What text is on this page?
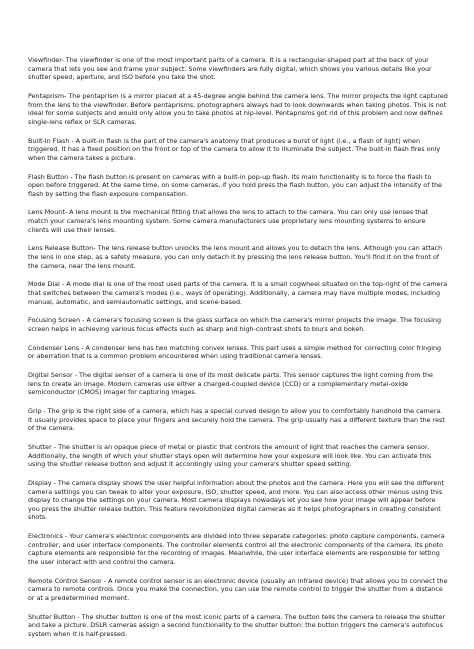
Viewfinder- The viewfinder is one of the most important parts of a camera. It is a rectangular-shaped part at the back of your camera that lets you see and frame your subject. Some viewfinders are fully digital, which shows you various details like your shutter speed, aperture, and ISO before you take the shot.

Pentaprism- The pentaprism is a mirror placed at a 45-degree angle behind the camera lens. The mirror projects the light captured from the lens to the viewfinder. Before pentaprisms, photographers always had to look downwards when taking photos. This is not ideal for some subjects and would only allow you to take photos at hip-level. Pentaprisms got rid of this problem and now defines single-lens reflex or SLR cameras.

Built-in Flash - A built-in flash is the part of the camera's anatomy that produces a burst of light (i.e., a flash of light) when triggered. It has a fixed position on the front or top of the camera to allow it to illuminate the subject. The built-in flash fires only when the camera takes a picture.

Flash Button - The flash button is present on cameras with a built-in pop-up flash. Its main functionality is to force the flash to open before triggered. At the same time, on some cameras, if you hold press the flash button, you can adjust the intensity of the flash by setting the flash exposure compensation.

Lens Mount- A lens mount is the mechanical fitting that allows the lens to attach to the camera. You can only use lenses that match your camera's lens mounting system. Some camera manufacturers use proprietary lens mounting systems to ensure clients will use their lenses.

Lens Release Button- The lens release button unlocks the lens mount and allows you to detach the lens. Although you can attach the lens in one step, as a safety measure, you can only detach it by pressing the lens release button. You'll find it on the front of the camera, near the lens mount.

Mode Dial - A mode dial is one of the most used parts of the camera. It is a small cogwheel situated on the top-right of the camera that switches between the camera's modes (i.e., ways of operating). Additionally, a camera may have multiple modes, including manual, automatic, and semiautomatic settings, and scene-based.

Focusing Screen - A camera's focusing screen is the glass surface on which the camera's mirror projects the image. The focusing screen helps in achieving various focus effects such as sharp and high-contrast shots to blurs and bokeh.

Condenser Lens - A condenser lens has two matching convex lenses. This part uses a simple method for correcting color fringing or aberration that is a common problem encountered when using traditional camera lenses.

Digital Sensor - The digital sensor of a camera is one of its most delicate parts. This sensor captures the light coming from the lens to create an image. Modern cameras use either a charged-coupled device (CCD) or a complementary metal-oxide semiconductor (CMOS) imager for capturing images.

Grip - The grip is the right side of a camera, which has a special curved design to allow you to comfortably handhold the camera. It usually provides space to place your fingers and securely hold the camera. The grip usually has a different texture than the rest of the camera.

Shutter - The shutter is an opaque piece of metal or plastic that controls the amount of light that reaches the camera sensor. Additionally, the length of which your shutter stays open will determine how your exposure will look like. You can activate this using the shutter release button and adjust it accordingly using your camera's shutter speed setting.

Display - The camera display shows the user helpful information about the photos and the camera. Here you will see the different camera settings you can tweak to alter your exposure, ISO, shutter speed, and more. You can also access other menus using this display to change the settings on your camera. Most camera displays nowadays let you see how your image will appear before you press the shutter release button. This feature revolutionized digital cameras as it helps photographers in creating consistent shots.

Electronics - Your camera's electronic components are divided into three separate categories: photo capture components, camera controller, and user interface components. The controller elements control all the electronic components of the camera. Its photo capture elements are responsible for the recording of images. Meanwhile, the user interface elements are responsible for letting the user interact with and control the camera.

Remote Control Sensor - A remote control sensor is an electronic device (usually an infrared device) that allows you to connect the camera to remote controls. Once you make the connection, you can use the remote control to trigger the shutter from a distance or at a predetermined moment.

Shutter Button - The shutter button is one of the most iconic parts of a camera. The button tells the camera to release the shutter and take a picture. DSLR cameras assign a second functionality to the shutter button: the button triggers the camera's autofocus system when it is half-pressed.
